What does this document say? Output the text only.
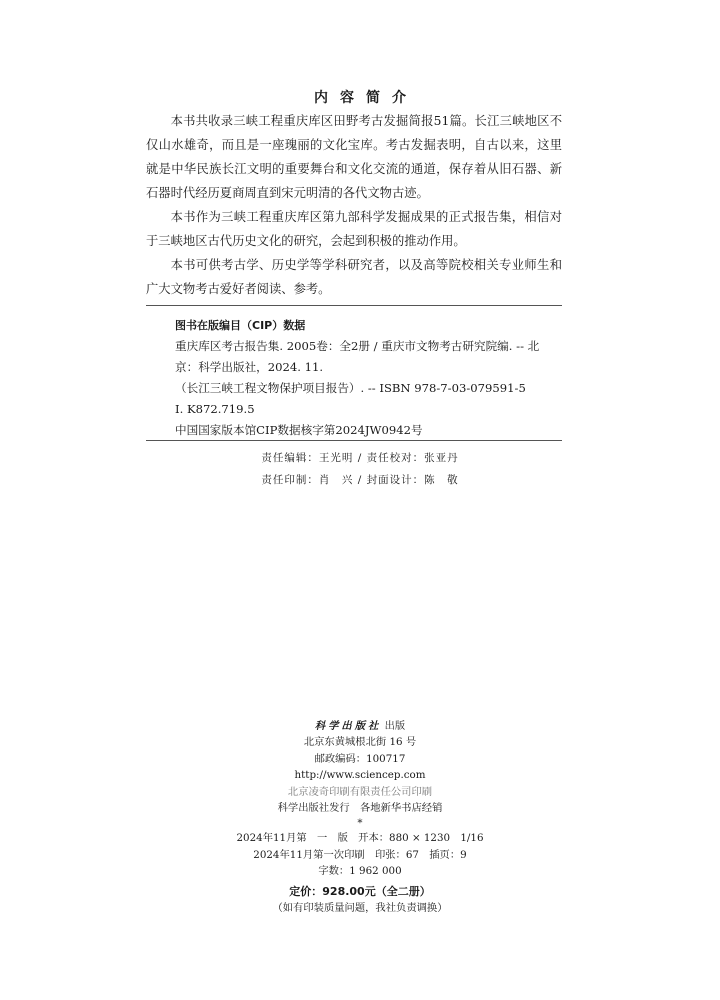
内容简介

本书共收录三峡工程重庆库区田野考古发掘简报51篇。长江三峡地区不仅山水雄奇，而且是一座瑰丽的文化宝库。考古发掘表明，自古以来，这里就是中华民族长江文明的重要舞台和文化交流的通道，保存着从旧石器、新石器时代经历夏商周直到宋元明清的各代文物古迹。

本书作为三峡工程重庆库区第九部科学发掘成果的正式报告集，相信对于三峡地区古代历史文化的研究，会起到积极的推动作用。

本书可供考古学、历史学等学科研究者，以及高等院校相关专业师生和广大文物考古爱好者阅读、参考。

图书在版编目（CIP）数据
重庆库区考古报告集. 2005卷：全2册 / 重庆市文物考古研究院编. -- 北
京：科学出版社，2024. 11.
（长江三峡工程文物保护项目报告）. -- ISBN 978-7-03-079591-5
Ⅰ. K872.719.5
中国国家版本馆CIP数据核字第2024JW0942号
责任编辑：王光明 / 责任校对：张亚丹
责任印制：肖　兴 / 封面设计：陈　敬
科学出版社 出版
北京东黄城根北街 16 号
邮政编码：100717
http://www.sciencep.com
北京凌奇印刷有限责任公司印刷
科学出版社发行　各地新华书店经销
*
2024年11月第　一　版　开本：880 × 1230　1/16
2024年11月第一次印刷　印张：67　插页：9
字数：1 962 000
定价：928.00元（全二册）
（如有印装质量问题，我社负责调换）
